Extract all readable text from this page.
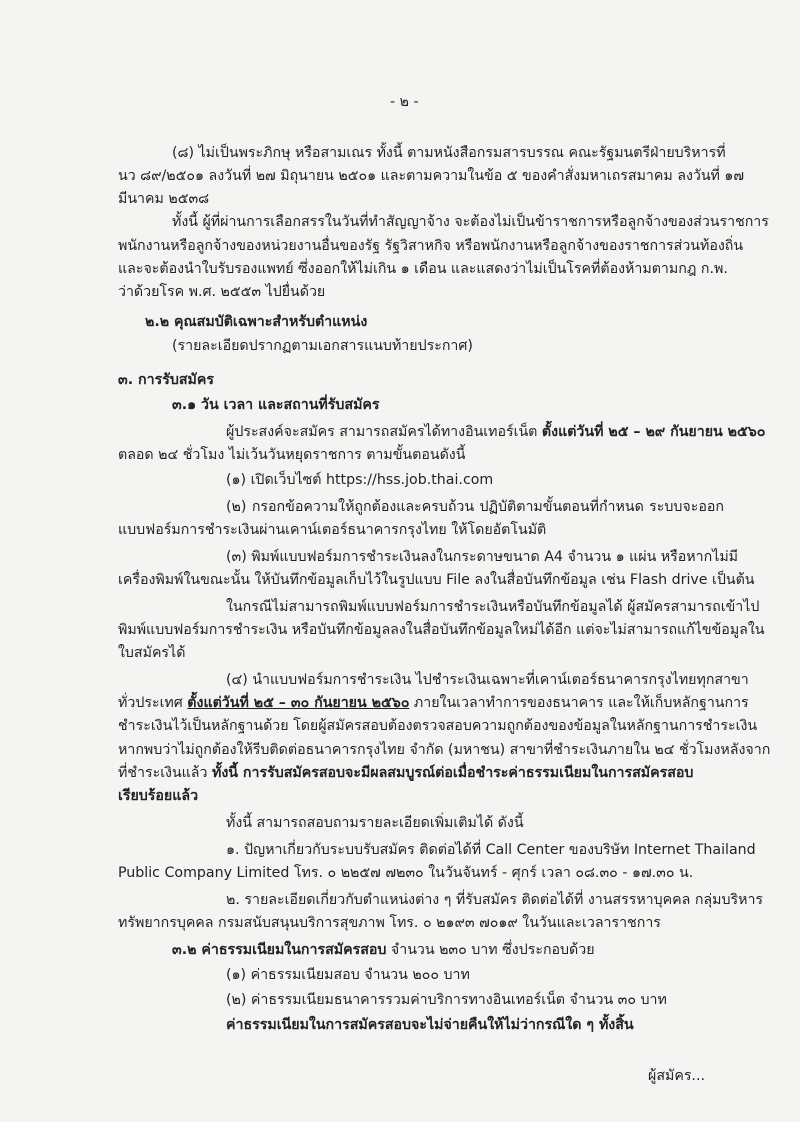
- ๒ -
(๘) ไม่เป็นพระภิกษุ หรือสามเณร ทั้งนี้ ตามหนังสือกรมสารบรรณ คณะรัฐมนตรีฝ่ายบริหารที่
นว ๘๙/๒๕๐๑ ลงวันที่ ๒๗ มิถุนายน ๒๕๐๑ และตามความในข้อ ๕ ของคำสั่งมหาเถรสมาคม ลงวันที่ ๑๗
มีนาคม ๒๕๓๘
ทั้งนี้ ผู้ที่ผ่านการเลือกสรรในวันที่ทำสัญญาจ้าง จะต้องไม่เป็นข้าราชการหรือลูกจ้างของส่วนราชการ
พนักงานหรือลูกจ้างของหน่วยงานอื่นของรัฐ รัฐวิสาหกิจ หรือพนักงานหรือลูกจ้างของราชการส่วนท้องถิ่น
และจะต้องนำใบรับรองแพทย์ ซึ่งออกให้ไม่เกิน ๑ เดือน และแสดงว่าไม่เป็นโรคที่ต้องห้ามตามกฎ ก.พ.
ว่าด้วยโรค พ.ศ. ๒๕๕๓ ไปยื่นด้วย
๒.๒ คุณสมบัติเฉพาะสำหรับตำแหน่ง
(รายละเอียดปรากฏตามเอกสารแนบท้ายประกาศ)
๓. การรับสมัคร
๓.๑ วัน เวลา และสถานที่รับสมัคร
ผู้ประสงค์จะสมัคร สามารถสมัครได้ทางอินเทอร์เน็ต ตั้งแต่วันที่ ๒๕ – ๒๙ กันยายน ๒๕๖๐
ตลอด ๒๔ ชั่วโมง ไม่เว้นวันหยุดราชการ ตามขั้นตอนดังนี้
(๑) เปิดเว็บไซต์ https://hss.job.thai.com
(๒) กรอกข้อความให้ถูกต้องและครบถ้วน ปฏิบัติตามขั้นตอนที่กำหนด ระบบจะออก
แบบฟอร์มการชำระเงินผ่านเคาน์เตอร์ธนาคารกรุงไทย ให้โดยอัตโนมัติ
(๓) พิมพ์แบบฟอร์มการชำระเงินลงในกระดาษขนาด A4 จำนวน ๑ แผ่น หรือหากไม่มี
เครื่องพิมพ์ในขณะนั้น ให้บันทึกข้อมูลเก็บไว้ในรูปแบบ File ลงในสื่อบันทึกข้อมูล เช่น Flash drive เป็นต้น
ในกรณีไม่สามารถพิมพ์แบบฟอร์มการชำระเงินหรือบันทึกข้อมูลได้ ผู้สมัครสามารถเข้าไป
พิมพ์แบบฟอร์มการชำระเงิน หรือบันทึกข้อมูลลงในสื่อบันทึกข้อมูลใหม่ได้อีก แต่จะไม่สามารถแก้ไขข้อมูลใน
ใบสมัครได้
(๔) นำแบบฟอร์มการชำระเงิน ไปชำระเงินเฉพาะที่เคาน์เตอร์ธนาคารกรุงไทยทุกสาขา
ทั่วประเทศ ตั้งแต่วันที่ ๒๕ – ๓๐ กันยายน ๒๕๖๐ ภายในเวลาทำการของธนาคาร และให้เก็บหลักฐานการ
ชำระเงินไว้เป็นหลักฐานด้วย โดยผู้สมัครสอบต้องตรวจสอบความถูกต้องของข้อมูลในหลักฐานการชำระเงิน
หากพบว่าไม่ถูกต้องให้รีบติดต่อธนาคารกรุงไทย จำกัด (มหาชน) สาขาที่ชำระเงินภายใน ๒๔ ชั่วโมงหลังจาก
ที่ชำระเงินแล้ว ทั้งนี้ การรับสมัครสอบจะมีผลสมบูรณ์ต่อเมื่อชำระค่าธรรมเนียมในการสมัครสอบ
เรียบร้อยแล้ว
ทั้งนี้ สามารถสอบถามรายละเอียดเพิ่มเติมได้ ดังนี้
๑. ปัญหาเกี่ยวกับระบบรับสมัคร ติดต่อได้ที่ Call Center ของบริษัท Internet Thailand
Public Company Limited โทร. ๐ ๒๒๕๗ ๗๒๓๐ ในวันจันทร์ - ศุกร์ เวลา ๐๘.๓๐ - ๑๗.๓๐ น.
๒. รายละเอียดเกี่ยวกับตำแหน่งต่าง ๆ ที่รับสมัคร ติดต่อได้ที่ งานสรรหาบุคคล กลุ่มบริหาร
ทรัพยากรบุคคล กรมสนับสนุนบริการสุขภาพ โทร. ๐ ๒๑๙๓ ๗๐๑๙ ในวันและเวลาราชการ
๓.๒ ค่าธรรมเนียมในการสมัครสอบ จำนวน ๒๓๐ บาท ซึ่งประกอบด้วย
(๑) ค่าธรรมเนียมสอบ จำนวน ๒๐๐ บาท
(๒) ค่าธรรมเนียมธนาคารรวมค่าบริการทางอินเทอร์เน็ต จำนวน ๓๐ บาท
ค่าธรรมเนียมในการสมัครสอบจะไม่จ่ายคืนให้ไม่ว่ากรณีใด ๆ ทั้งสิ้น
ผู้สมัคร...
